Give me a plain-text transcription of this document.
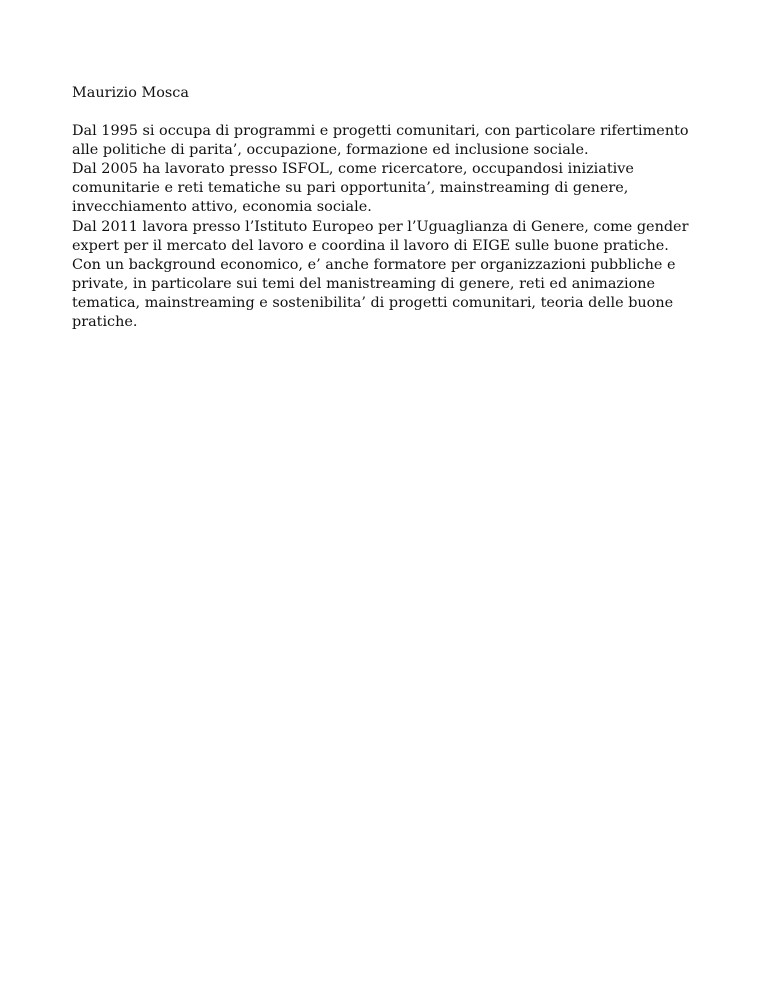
Maurizio Mosca

Dal 1995 si occupa di programmi e progetti comunitari, con particolare rifertimento alle politiche di parita’, occupazione, formazione ed inclusione sociale.

Dal 2005 ha lavorato presso ISFOL, come ricercatore, occupandosi iniziative comunitarie e reti tematiche su pari opportunita’, mainstreaming di genere, invecchiamento attivo, economia sociale.

Dal 2011 lavora presso l’Istituto Europeo per l’Uguaglianza di Genere, come gender expert per il mercato del lavoro e coordina il lavoro di EIGE sulle buone pratiche.

Con un background economico, e’ anche formatore per organizzazioni pubbliche e private, in particolare sui temi del manistreaming di genere, reti ed animazione tematica, mainstreaming e sostenibilita’ di progetti comunitari, teoria delle buone pratiche.
